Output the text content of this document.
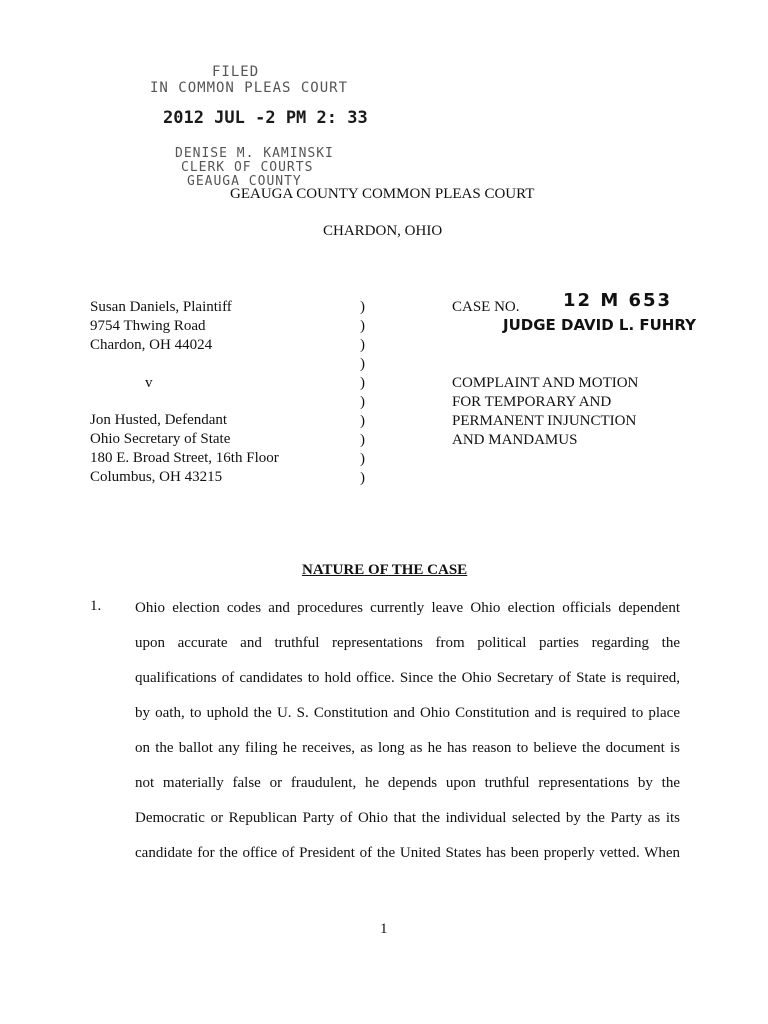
FILED
IN COMMON PLEAS COURT
2012 JUL -2 PM 2: 33
DENISE M. KAMINSKI
CLERK OF COURTS
GEAUGA COUNTY
GEAUGA COUNTY COMMON PLEAS COURT
CHARDON, OHIO
Susan Daniels, Plaintiff
9754 Thwing Road
Chardon, OH 44024
v
Jon Husted, Defendant
Ohio Secretary of State
180 E. Broad Street, 16th Floor
Columbus, OH 43215
)
)
)
)
)
)
)
)
)
)
CASE NO. 12 M 653
JUDGE DAVID L. FUHRY
COMPLAINT AND MOTION
FOR TEMPORARY AND
PERMANENT INJUNCTION
AND MANDAMUS
NATURE OF THE CASE
1. Ohio election codes and procedures currently leave Ohio election officials dependent
upon accurate and truthful representations from political parties regarding the
qualifications of candidates to hold office. Since the Ohio Secretary of State is required,
by oath, to uphold the U. S. Constitution and Ohio Constitution and is required to place
on the ballot any filing he receives, as long as he has reason to believe the document is
not materially false or fraudulent, he depends upon truthful representations by the
Democratic or Republican Party of Ohio that the individual selected by the Party as its
candidate for the office of President of the United States has been properly vetted. When
1
